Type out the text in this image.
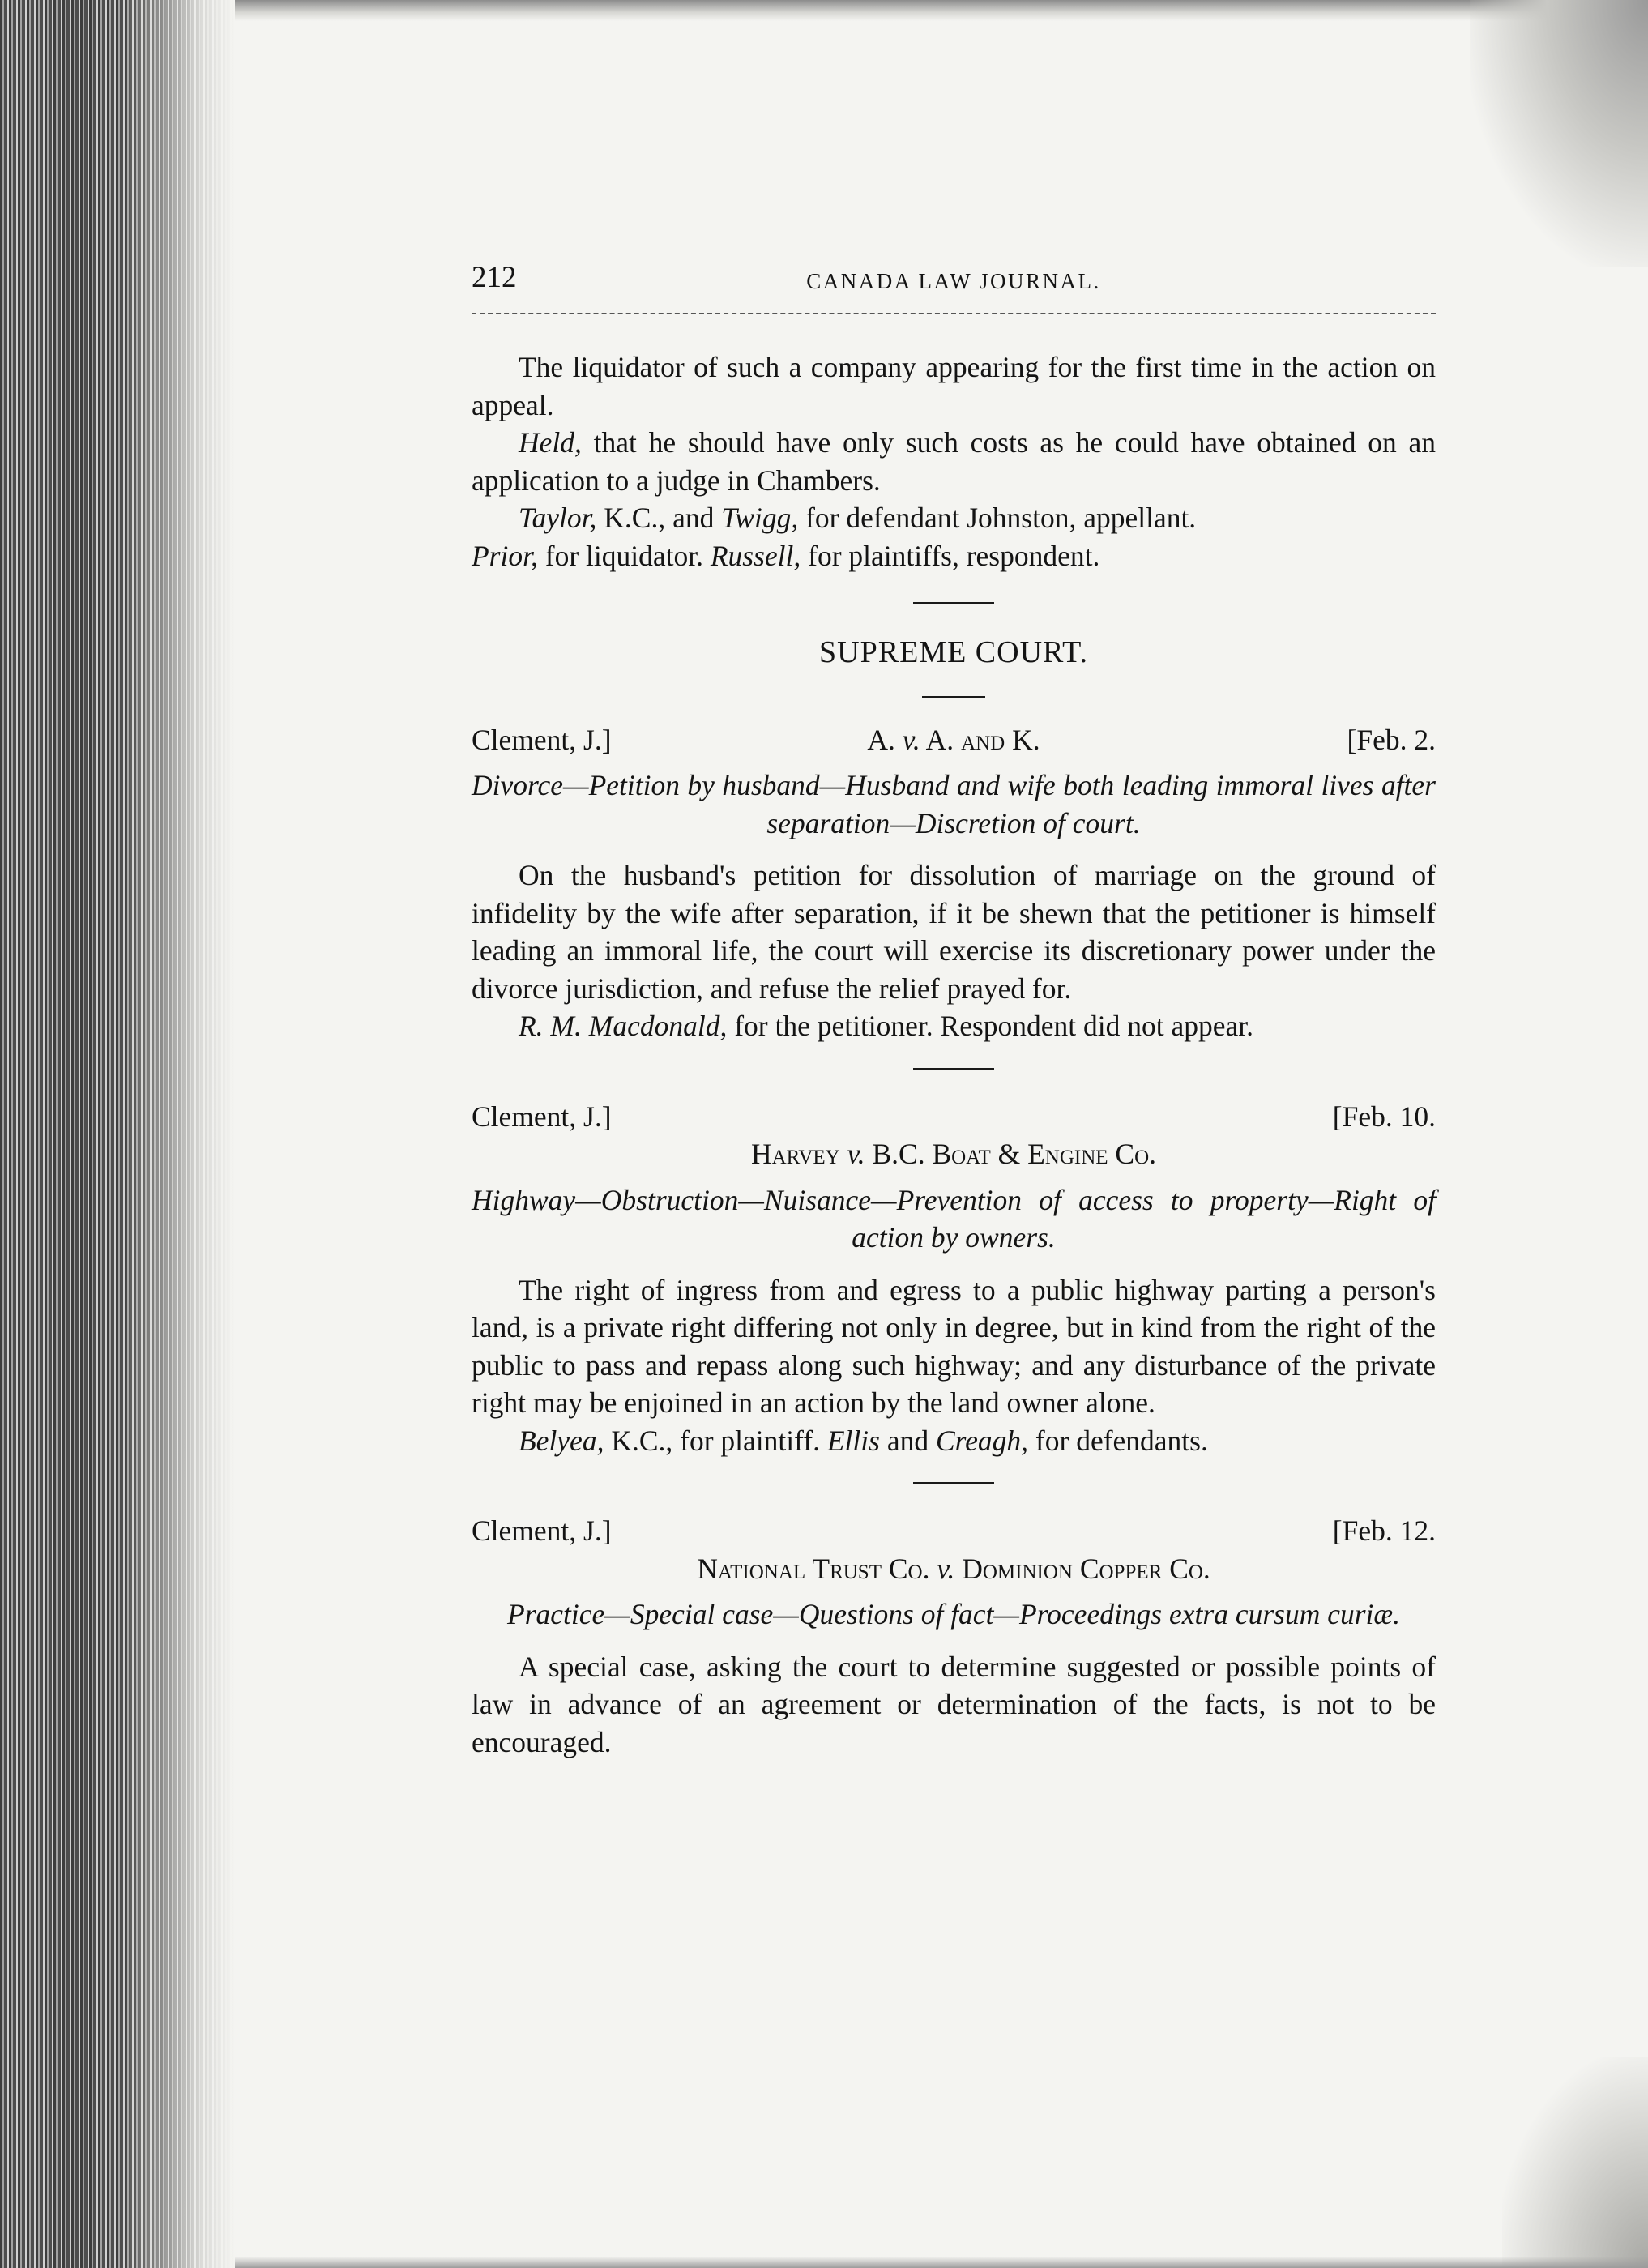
212	CANADA LAW JOURNAL.

The liquidator of such a company appearing for the first time in the action on appeal.

Held, that he should have only such costs as he could have obtained on an application to a judge in Chambers.

Taylor, K.C., and Twigg, for defendant Johnston, appellant.

Prior, for liquidator. Russell, for plaintiffs, respondent.

SUPREME COURT.
Clement, J.]	A. v. A. and K.	[Feb. 2.

Divorce—Petition by husband—Husband and wife both leading immoral lives after separation—Discretion of court.

On the husband's petition for dissolution of marriage on the ground of infidelity by the wife after separation, if it be shewn that the petitioner is himself leading an immoral life, the court will exercise its discretionary power under the divorce jurisdiction, and refuse the relief prayed for.

R. M. Macdonald, for the petitioner. Respondent did not appear.

Clement, J.]	[Feb. 10.
Harvey v. B.C. Boat & Engine Co.

Highway—Obstruction—Nuisance—Prevention of access to property—Right of action by owners.

The right of ingress from and egress to a public highway parting a person's land, is a private right differing not only in degree, but in kind from the right of the public to pass and repass along such highway; and any disturbance of the private right may be enjoined in an action by the land owner alone.

Belyea, K.C., for plaintiff. Ellis and Creagh, for defendants.

Clement, J.]	[Feb. 12.
National Trust Co. v. Dominion Copper Co.

Practice—Special case—Questions of fact—Proceedings extra cursum curiæ.

A special case, asking the court to determine suggested or possible points of law in advance of an agreement or determination of the facts, is not to be encouraged.
